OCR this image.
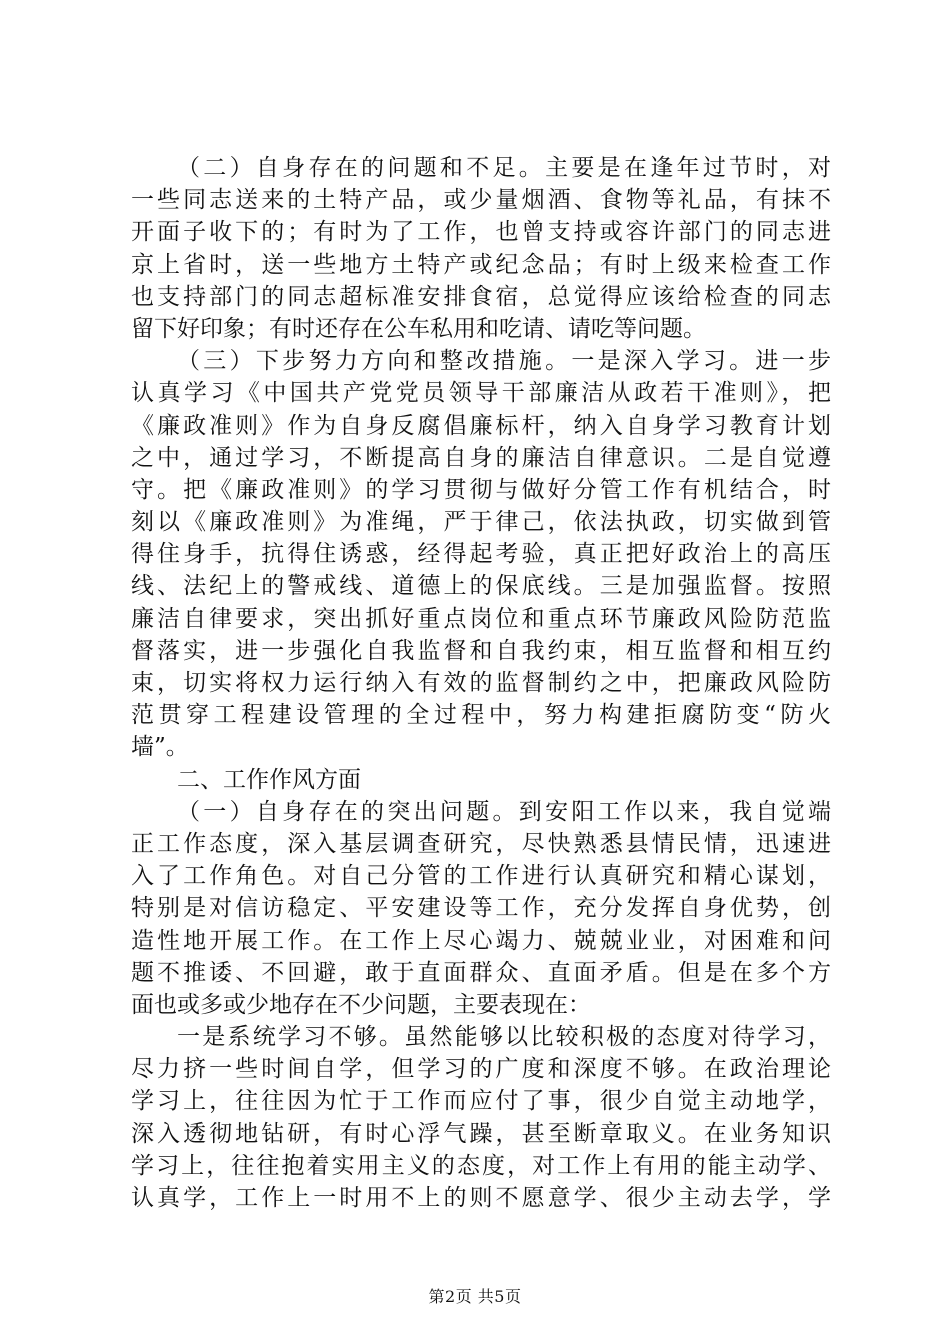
（二）自身存在的问题和不足。主要是在逢年过节时，对
一些同志送来的土特产品，或少量烟酒、食物等礼品，有抹不
开面子收下的；有时为了工作，也曾支持或容许部门的同志进
京上省时，送一些地方土特产或纪念品；有时上级来检查工作
也支持部门的同志超标准安排食宿，总觉得应该给检查的同志
留下好印象；有时还存在公车私用和吃请、请吃等问题。
（三）下步努力方向和整改措施。一是深入学习。进一步
认真学习《中国共产党党员领导干部廉洁从政若干准则》，把
《廉政准则》作为自身反腐倡廉标杆，纳入自身学习教育计划
之中，通过学习，不断提高自身的廉洁自律意识。二是自觉遵
守。把《廉政准则》的学习贯彻与做好分管工作有机结合，时
刻以《廉政准则》为准绳，严于律己，依法执政，切实做到管
得住身手，抗得住诱惑，经得起考验，真正把好政治上的高压
线、法纪上的警戒线、道德上的保底线。三是加强监督。按照
廉洁自律要求，突出抓好重点岗位和重点环节廉政风险防范监
督落实，进一步强化自我监督和自我约束，相互监督和相互约
束，切实将权力运行纳入有效的监督制约之中，把廉政风险防
范贯穿工程建设管理的全过程中，努力构建拒腐防变“防火
墙”。
二、工作作风方面
（一）自身存在的突出问题。到安阳工作以来，我自觉端
正工作态度，深入基层调查研究，尽快熟悉县情民情，迅速进
入了工作角色。对自己分管的工作进行认真研究和精心谋划，
特别是对信访稳定、平安建设等工作，充分发挥自身优势，创
造性地开展工作。在工作上尽心竭力、兢兢业业，对困难和问
题不推诿、不回避，敢于直面群众、直面矛盾。但是在多个方
面也或多或少地存在不少问题，主要表现在：
一是系统学习不够。虽然能够以比较积极的态度对待学习，
尽力挤一些时间自学，但学习的广度和深度不够。在政治理论
学习上，往往因为忙于工作而应付了事，很少自觉主动地学，
深入透彻地钻研，有时心浮气躁，甚至断章取义。在业务知识
学习上，往往抱着实用主义的态度，对工作上有用的能主动学、
认真学，工作上一时用不上的则不愿意学、很少主动去学，学
第2页 共5页
